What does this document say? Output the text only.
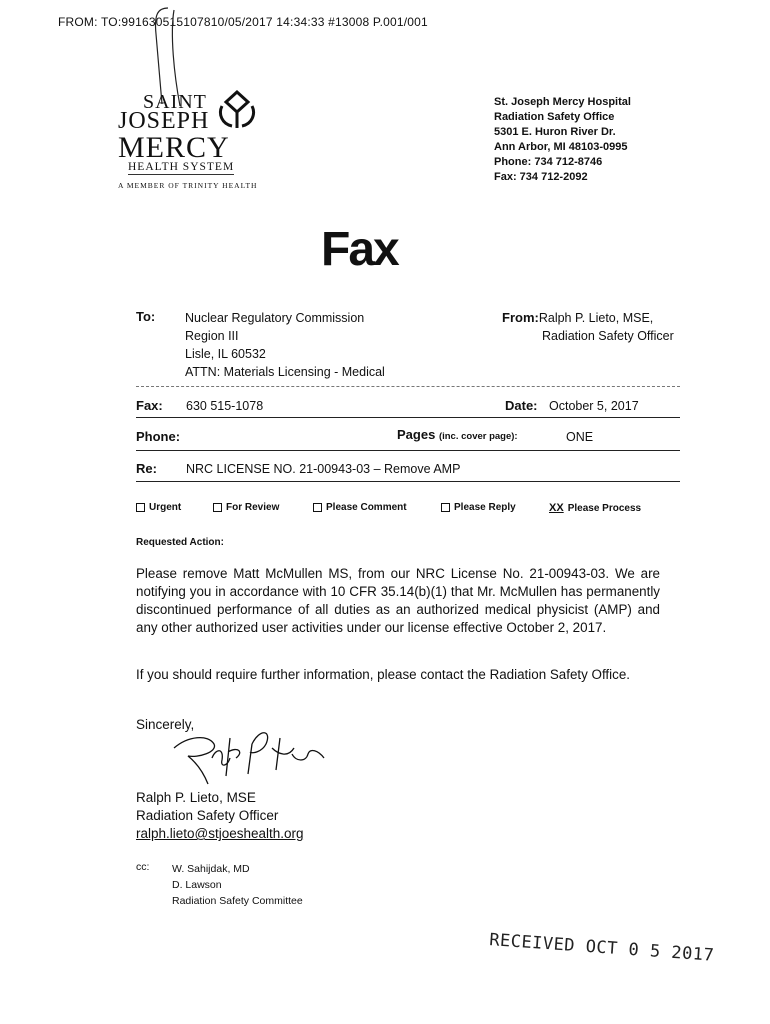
FROM: TO:991630515107810/05/2017 14:34:33 #13008 P.001/001
SAINT
JOSEPH
MERCY
HEALTH SYSTEM
A MEMBER OF TRINITY HEALTH
St. Joseph Mercy Hospital
Radiation Safety Office
5301 E. Huron River Dr.
Ann Arbor, MI 48103-0995
Phone: 734 712-8746
Fax: 734 712-2092
Fax
To: Nuclear Regulatory Commission
Region III
Lisle, IL 60532
ATTN: Materials Licensing - Medical
From:Ralph P. Lieto, MSE,
Radiation Safety Officer
Fax: 630 515-1078	Date: October 5, 2017
Phone:	Pages (inc. cover page):	ONE
Re: NRC LICENSE NO. 21-00943-03 – Remove AMP
Urgent	For Review	Please Comment	Please Reply	XX Please Process
Requested Action:
Please remove Matt McMullen MS, from our NRC License No. 21-00943-03. We are notifying you in accordance with 10 CFR 35.14(b)(1) that Mr. McMullen has permanently discontinued performance of all duties as an authorized medical physicist (AMP) and any other authorized user activities under our license effective October 2, 2017.
If you should require further information, please contact the Radiation Safety Office.
Sincerely,
Ralph P. Lieto, MSE
Radiation Safety Officer
ralph.lieto@stjoeshealth.org
cc: W. Sahijdak, MD
D. Lawson
Radiation Safety Committee
RECEIVED OCT 0 5 2017
